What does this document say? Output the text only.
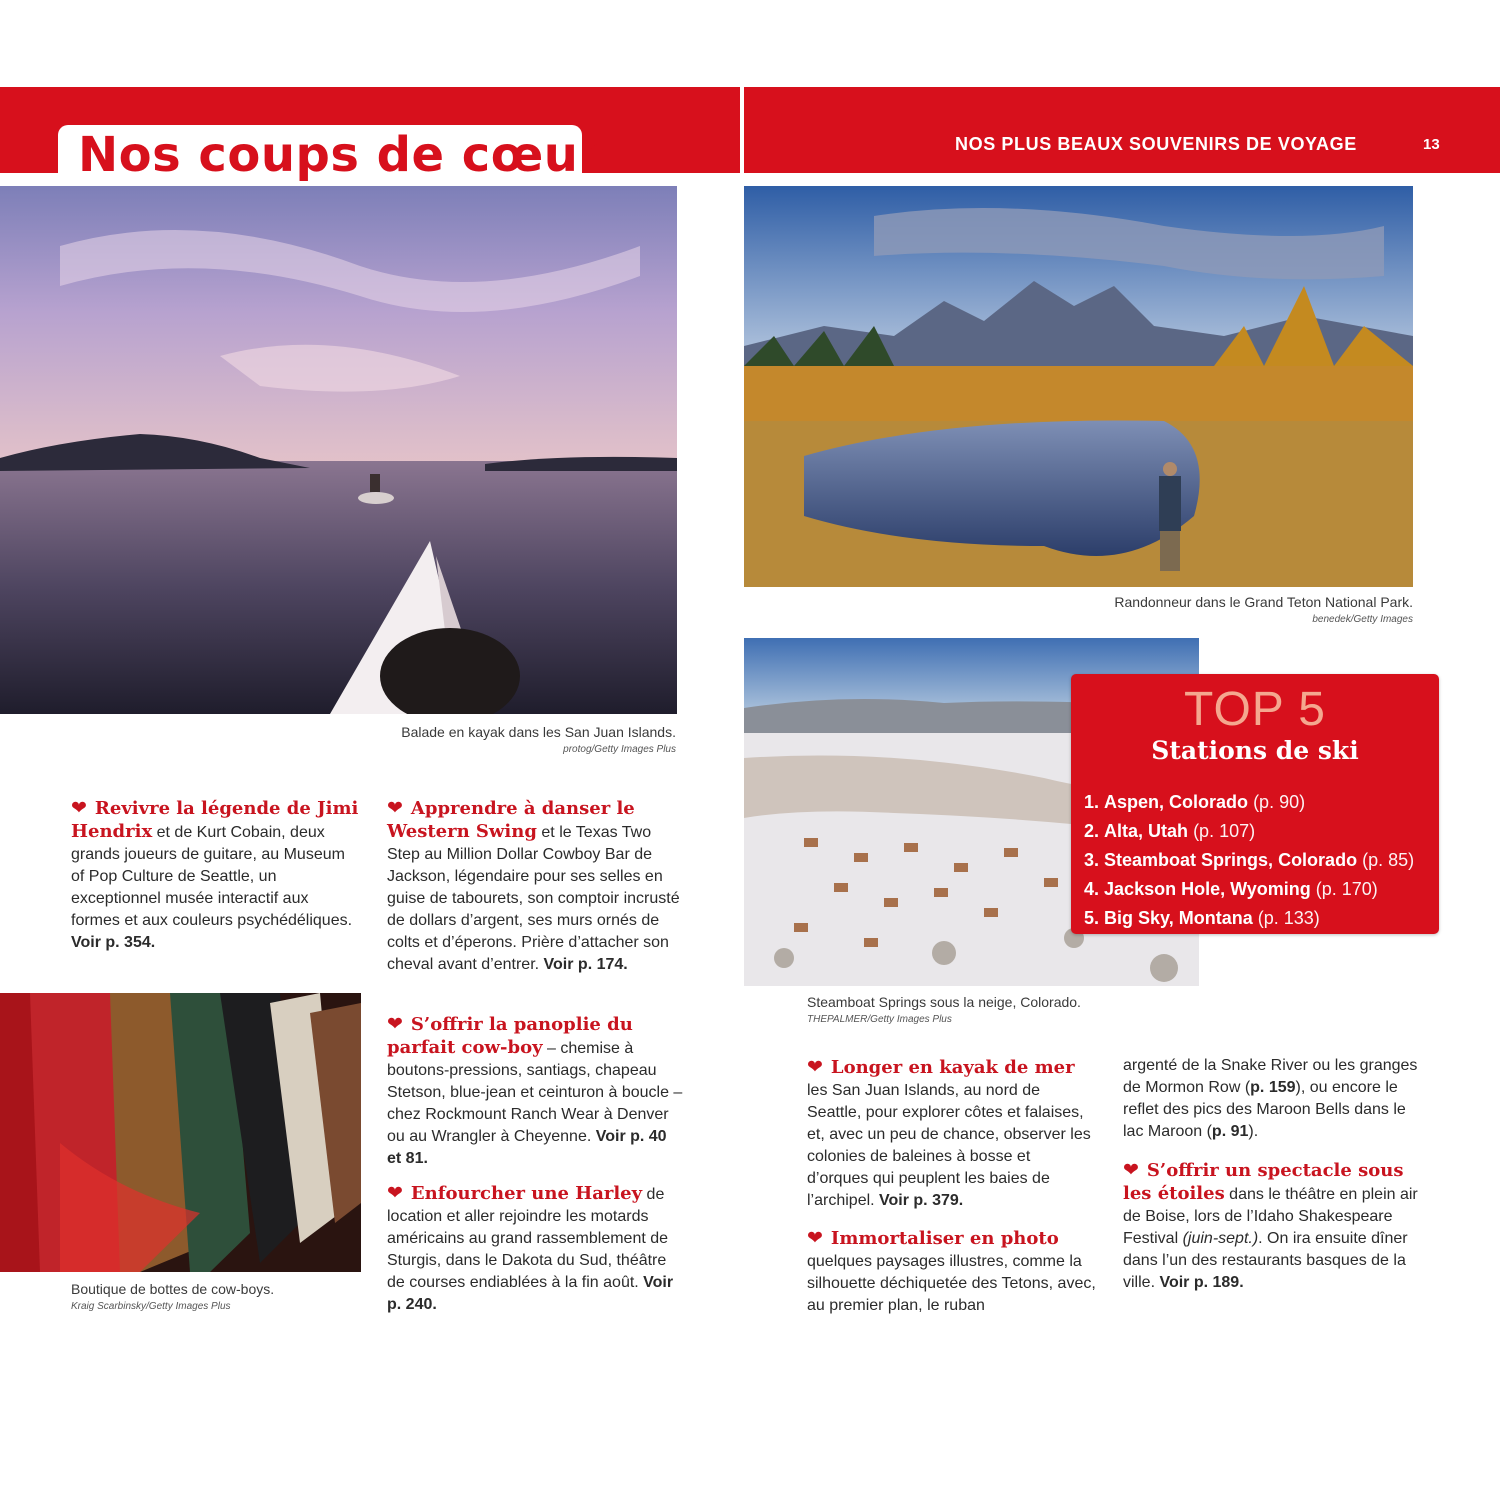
Nos coups de cœur	NOS PLUS BEAUX SOUVENIRS DE VOYAGE	13
Balade en kayak dans les San Juan Islands.
protog/Getty Images Plus
Randonneur dans le Grand Teton National Park.
benedek/Getty Images
Steamboat Springs sous la neige, Colorado.
THEPALMER/Getty Images Plus
Boutique de bottes de cow-boys.
Kraig Scarbinsky/Getty Images Plus
TOP 5
Stations de ski
1. Aspen, Colorado (p. 90)
2. Alta, Utah (p. 107)
3. Steamboat Springs, Colorado (p. 85)
4. Jackson Hole, Wyoming (p. 170)
5. Big Sky, Montana (p. 133)
❤ Revivre la légende de Jimi Hendrix et de Kurt Cobain, deux grands joueurs de guitare, au Museum of Pop Culture de Seattle, un exceptionnel musée interactif aux formes et aux couleurs psychédéliques. Voir p. 354.
❤ Apprendre à danser le Western Swing et le Texas Two Step au Million Dollar Cowboy Bar de Jackson, légendaire pour ses selles en guise de tabourets, son comptoir incrusté de dollars d’argent, ses murs ornés de colts et d’éperons. Prière d’attacher son cheval avant d’entrer. Voir p. 174.
❤ S’offrir la panoplie du parfait cow-boy – chemise à boutons-pressions, santiags, chapeau Stetson, blue-jean et ceinturon à boucle – chez Rockmount Ranch Wear à Denver ou au Wrangler à Cheyenne. Voir p. 40 et 81.
❤ Enfourcher une Harley de location et aller rejoindre les motards américains au grand rassemblement de Sturgis, dans le Dakota du Sud, théâtre de courses endiablées à la fin août. Voir p. 240.
❤ Longer en kayak de mer les San Juan Islands, au nord de Seattle, pour explorer côtes et falaises, et, avec un peu de chance, observer les colonies de baleines à bosse et d’orques qui peuplent les baies de l’archipel. Voir p. 379.
❤ Immortaliser en photo quelques paysages illustres, comme la silhouette déchiquetée des Tetons, avec, au premier plan, le ruban
argenté de la Snake River ou les granges de Mormon Row (p. 159), ou encore le reflet des pics des Maroon Bells dans le lac Maroon (p. 91).
❤ S’offrir un spectacle sous les étoiles dans le théâtre en plein air de Boise, lors de l’Idaho Shakespeare Festival (juin-sept.). On ira ensuite dîner dans l’un des restaurants basques de la ville. Voir p. 189.
